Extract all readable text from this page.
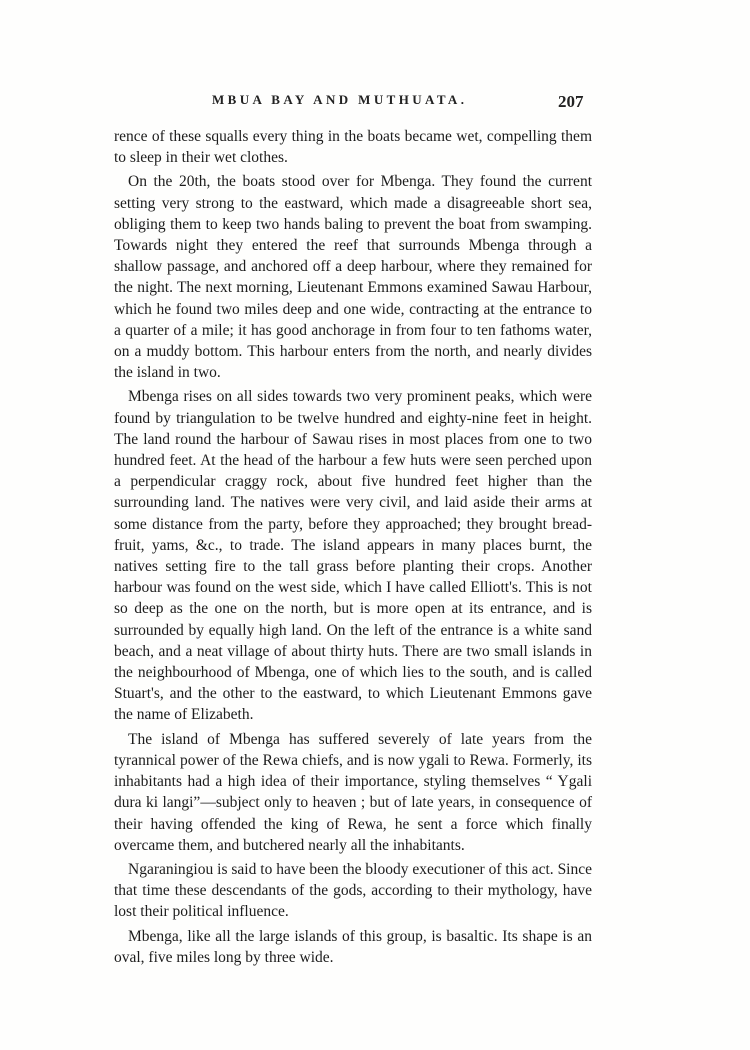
MBUA BAY AND MUTHUATA.	207

rence of these squalls every thing in the boats became wet, compelling them to sleep in their wet clothes.

On the 20th, the boats stood over for Mbenga. They found the current setting very strong to the eastward, which made a disagreeable short sea, obliging them to keep two hands baling to prevent the boat from swamping. Towards night they entered the reef that surrounds Mbenga through a shallow passage, and anchored off a deep harbour, where they remained for the night. The next morning, Lieutenant Emmons examined Sawau Harbour, which he found two miles deep and one wide, contracting at the entrance to a quarter of a mile; it has good anchorage in from four to ten fathoms water, on a muddy bottom. This harbour enters from the north, and nearly divides the island in two.

Mbenga rises on all sides towards two very prominent peaks, which were found by triangulation to be twelve hundred and eighty-nine feet in height. The land round the harbour of Sawau rises in most places from one to two hundred feet. At the head of the harbour a few huts were seen perched upon a perpendicular craggy rock, about five hundred feet higher than the surrounding land. The natives were very civil, and laid aside their arms at some distance from the party, before they approached; they brought bread-fruit, yams, &c., to trade. The island appears in many places burnt, the natives setting fire to the tall grass before planting their crops. Another harbour was found on the west side, which I have called Elliott's. This is not so deep as the one on the north, but is more open at its entrance, and is surrounded by equally high land. On the left of the entrance is a white sand beach, and a neat village of about thirty huts. There are two small islands in the neighbourhood of Mbenga, one of which lies to the south, and is called Stuart's, and the other to the eastward, to which Lieutenant Emmons gave the name of Elizabeth.

The island of Mbenga has suffered severely of late years from the tyrannical power of the Rewa chiefs, and is now ygali to Rewa. Formerly, its inhabitants had a high idea of their importance, styling themselves “ Ygali dura ki langi”—subject only to heaven ; but of late years, in consequence of their having offended the king of Rewa, he sent a force which finally overcame them, and butchered nearly all the inhabitants.

Ngaraningiou is said to have been the bloody executioner of this act. Since that time these descendants of the gods, according to their mythology, have lost their political influence.

Mbenga, like all the large islands of this group, is basaltic. Its shape is an oval, five miles long by three wide.
